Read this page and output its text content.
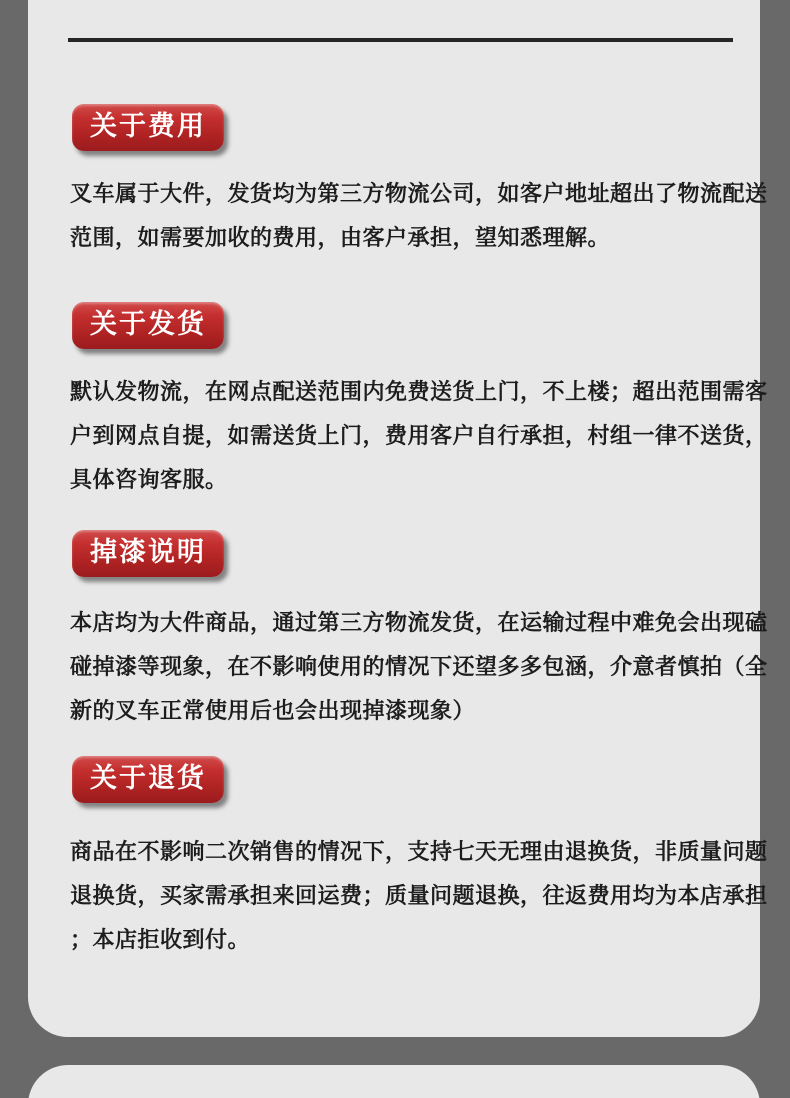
关于费用
叉车属于大件，发货均为第三方物流公司，如客户地址超出了物流配送
范围，如需要加收的费用，由客户承担，望知悉理解。
关于发货
默认发物流，在网点配送范围内免费送货上门，不上楼；超出范围需客
户到网点自提，如需送货上门，费用客户自行承担，村组一律不送货，
具体咨询客服。
掉漆说明
本店均为大件商品，通过第三方物流发货，在运输过程中难免会出现磕
碰掉漆等现象，在不影响使用的情况下还望多多包涵，介意者慎拍（全
新的叉车正常使用后也会出现掉漆现象）
关于退货
商品在不影响二次销售的情况下，支持七天无理由退换货，非质量问题
退换货，买家需承担来回运费；质量问题退换，往返费用均为本店承担
；本店拒收到付。
